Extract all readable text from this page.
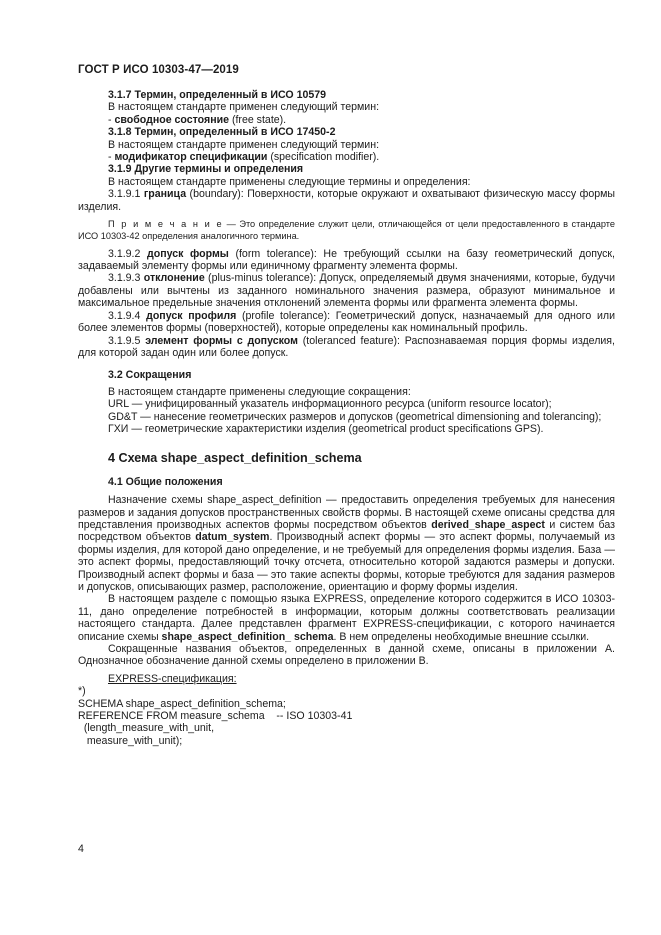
ГОСТ Р ИСО 10303-47—2019

3.1.7 Термин, определенный в ИСО 10579

В настоящем стандарте применен следующий термин:

- свободное состояние (free state).

3.1.8 Термин, определенный в ИСО 17450-2

В настоящем стандарте применен следующий термин:

- модификатор спецификации (specification modifier).

3.1.9 Другие термины и определения

В настоящем стандарте применены следующие термины и определения:

3.1.9.1 граница (boundary): Поверхности, которые окружают и охватывают физическую массу формы изделия.

П р и м е ч а н и е — Это определение служит цели, отличающейся от цели предоставленного в стандарте ИСО 10303-42 определения аналогичного термина.

3.1.9.2 допуск формы (form tolerance): Не требующий ссылки на базу геометрический допуск, задаваемый элементу формы или единичному фрагменту элемента формы.

3.1.9.3 отклонение (plus-minus tolerance): Допуск, определяемый двумя значениями, которые, будучи добавлены или вычтены из заданного номинального значения размера, образуют минимальное и максимальное предельные значения отклонений элемента формы или фрагмента элемента формы.

3.1.9.4 допуск профиля (profile tolerance): Геометрический допуск, назначаемый для одного или более элементов формы (поверхностей), которые определены как номинальный профиль.

3.1.9.5 элемент формы с допуском (toleranced feature): Распознаваемая порция формы изделия, для которой задан один или более допуск.

3.2 Сокращения

В настоящем стандарте применены следующие сокращения:

URL — унифицированный указатель информационного ресурса (uniform resource locator);

GD&T — нанесение геометрических размеров и допусков (geometrical dimensioning and tolerancing);

ГХИ — геометрические характеристики изделия (geometrical product specifications GPS).

4 Схема shape_aspect_definition_schema

4.1 Общие положения

Назначение схемы shape_aspect_definition — предоставить определения требуемых для нанесения размеров и задания допусков пространственных свойств формы. В настоящей схеме описаны средства для представления производных аспектов формы посредством объектов derived_shape_aspect и систем баз посредством объектов datum_system. Производный аспект формы — это аспект формы, получаемый из формы изделия, для которой дано определение, и не требуемый для определения формы изделия. База — это аспект формы, предоставляющий точку отсчета, относительно которой задаются размеры и допуски. Производный аспект формы и база — это такие аспекты формы, которые требуются для задания размеров и допусков, описывающих размер, расположение, ориентацию и форму формы изделия.

В настоящем разделе с помощью языка EXPRESS, определение которого содержится в ИСО 10303-11, дано определение потребностей в информации, которым должны соответствовать реализации настоящего стандарта. Далее представлен фрагмент EXPRESS-спецификации, с которого начинается описание схемы shape_aspect_definition_ schema. В нем определены необходимые внешние ссылки.

Сокращенные названия объектов, определенных в данной схеме, описаны в приложении А. Однозначное обозначение данной схемы определено в приложении В.

EXPRESS-спецификация:

*)
SCHEMA shape_aspect_definition_schema;
REFERENCE FROM measure_schema    -- ISO 10303-41
(length_measure_with_unit,
measure_with_unit);
4
